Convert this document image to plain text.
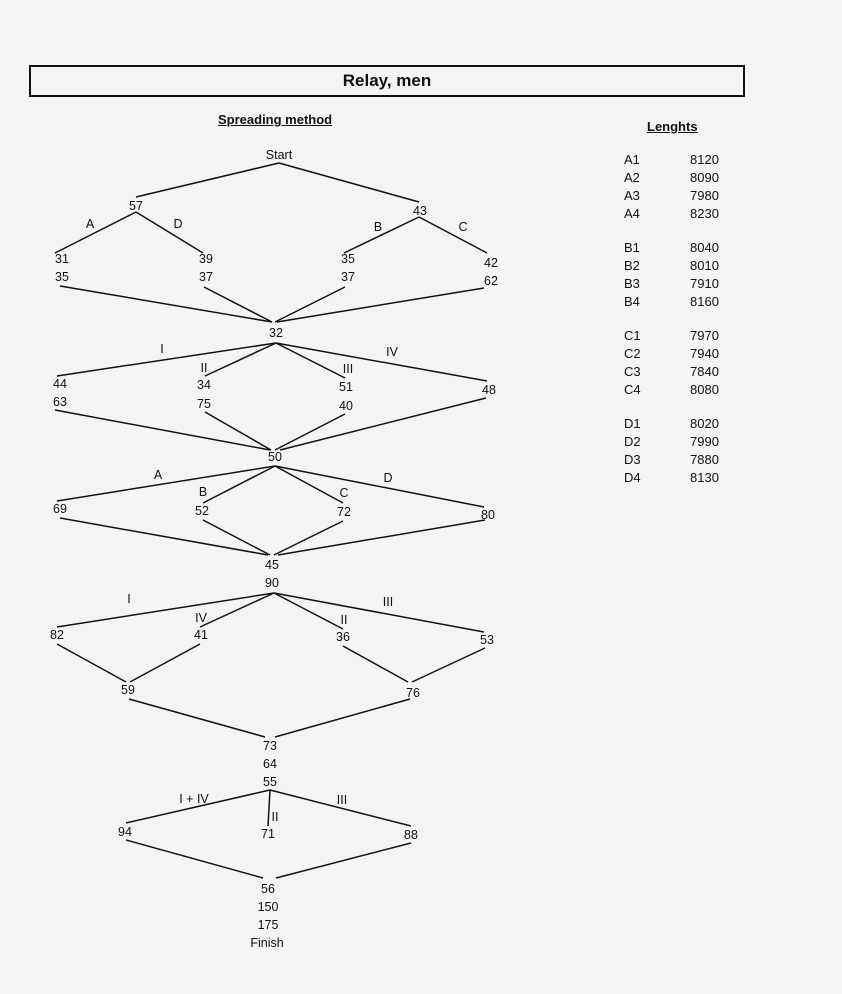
Relay, men
Spreading method	Lenghts
Start
57	43
A	D	B	C
31
35
39
37
35
37
42
62
32
I
II	III
IV
44
63
34
75
51
40
48
50
A
B	C
D
69	52	72	80
45
90
I
IV	II
III
82	41	36	53
59	76
73
64
55
I + IV
II
III
94	71	88
56
150
175
Finish
A1	8120
A2	8090
A3	7980
A4	8230
B1	8040
B2	8010
B3	7910
B4	8160
C1	7970
C2	7940
C3	7840
C4	8080
D1	8020
D2	7990
D3	7880
D4	8130
